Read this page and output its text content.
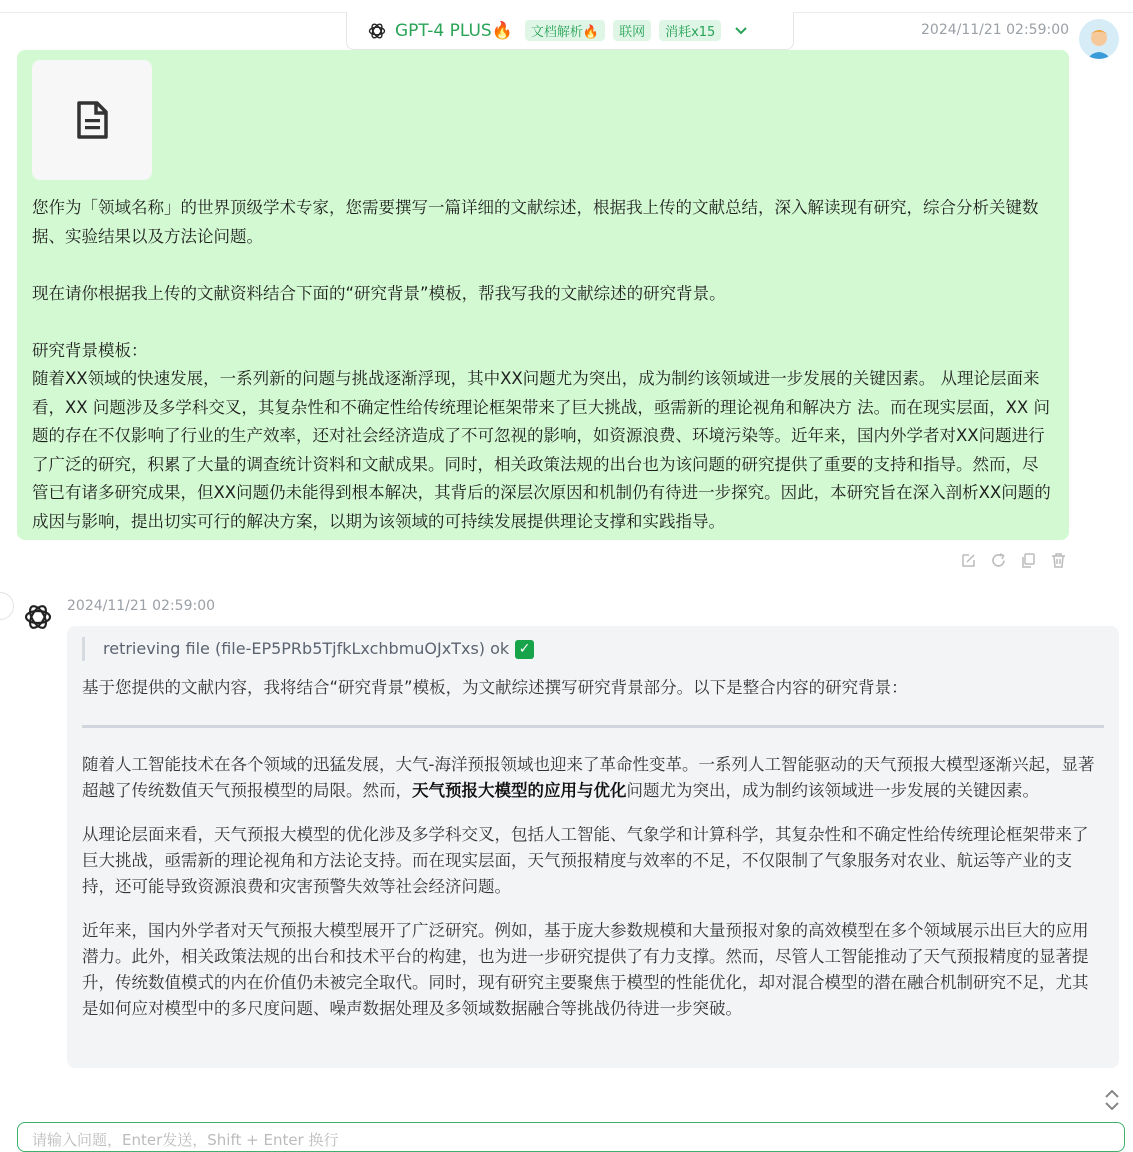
GPT-4 PLUS🔥	文档解析🔥	联网	消耗x15	2024/11/21 02:59:00
您作为「领域名称」的世界顶级学术专家，您需要撰写一篇详细的文献综述，根据我上传的文献总结，深入解读现有研究，综合分析关键数据、实验结果以及方法论问题。

现在请你根据我上传的文献资料结合下面的“研究背景”模板，帮我写我的文献综述的研究背景。

研究背景模板：
随着XX领域的快速发展，一系列新的问题与挑战逐渐浮现，其中XX问题尤为突出，成为制约该领域进一步发展的关键因素。 从理论层面来看，XX 问题涉及多学科交叉，其复杂性和不确定性给传统理论框架带来了巨大挑战，亟需新的理论视角和解决方 法。而在现实层面，XX 问题的存在不仅影响了行业的生产效率，还对社会经济造成了不可忽视的影响，如资源浪费、环境污染等。近年来，国内外学者对XX问题进行了广泛的研究，积累了大量的调查统计资料和文献成果。同时，相关政策法规的出台也为该问题的研究提供了重要的支持和指导。然而，尽管已有诸多研究成果，但XX问题仍未能得到根本解决，其背后的深层次原因和机制仍有待进一步探究。因此，本研究旨在深入剖析XX问题的成因与影响，提出切实可行的解决方案，以期为该领域的可持续发展提供理论支撑和实践指导。
2024/11/21 02:59:00
retrieving file (file-EP5PRb5TjfkLxchbmuOJxTxs) ok ✓

基于您提供的文献内容，我将结合“研究背景”模板，为文献综述撰写研究背景部分。以下是整合内容的研究背景：

随着人工智能技术在各个领域的迅猛发展，大气-海洋预报领域也迎来了革命性变革。一系列人工智能驱动的天气预报大模型逐渐兴起，显著超越了传统数值天气预报模型的局限。然而，天气预报大模型的应用与优化问题尤为突出，成为制约该领域进一步发展的关键因素。

从理论层面来看，天气预报大模型的优化涉及多学科交叉，包括人工智能、气象学和计算科学，其复杂性和不确定性给传统理论框架带来了巨大挑战，亟需新的理论视角和方法论支持。而在现实层面，天气预报精度与效率的不足，不仅限制了气象服务对农业、航运等产业的支持，还可能导致资源浪费和灾害预警失效等社会经济问题。

近年来，国内外学者对天气预报大模型展开了广泛研究。例如，基于庞大参数规模和大量预报对象的高效模型在多个领域展示出巨大的应用潜力。此外，相关政策法规的出台和技术平台的构建，也为进一步研究提供了有力支撑。然而，尽管人工智能推动了天气预报精度的显著提升，传统数值模式的内在价值仍未被完全取代。同时，现有研究主要聚焦于模型的性能优化，却对混合模型的潜在融合机制研究不足，尤其是如何应对模型中的多尺度问题、噪声数据处理及多领域数据融合等挑战仍待进一步突破。

请输入问题，Enter发送，Shift + Enter 换行
